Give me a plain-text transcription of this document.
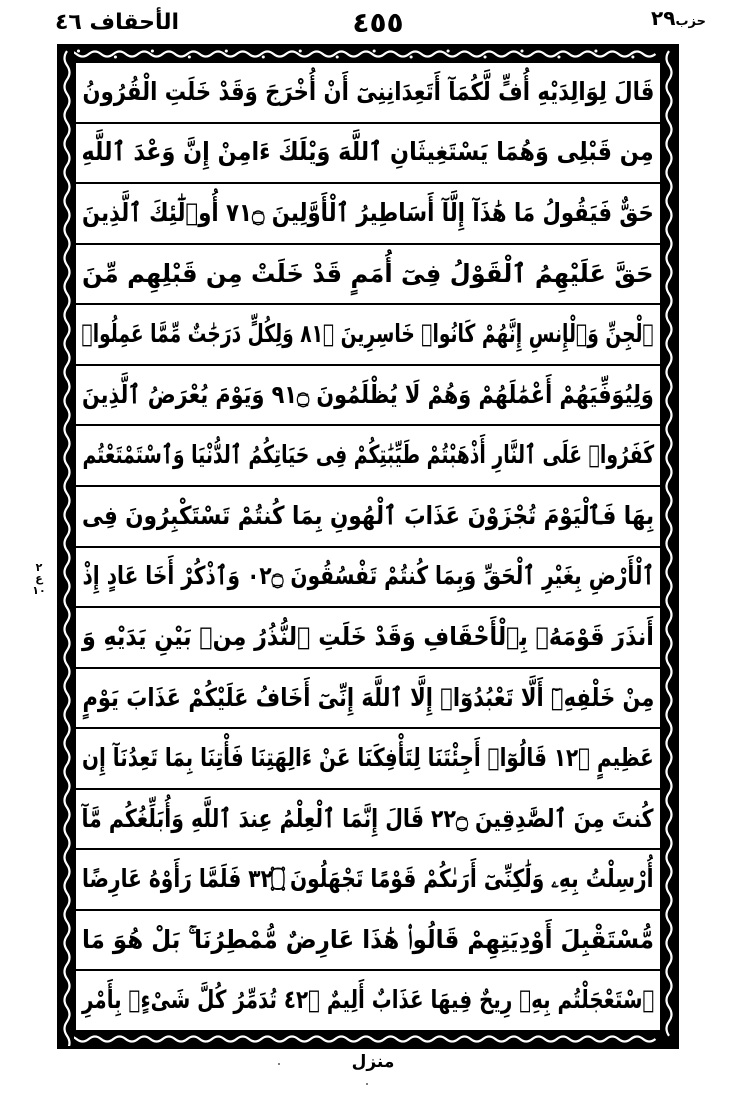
الأحقاف ٤٦	٤٥٥	حزب٢٩
قَالَ لِوَالِدَيْهِ أُفٍّ لَّكُمَآ أَتَعِدَانِنِىٓ أَنْ أُخْرَجَ وَقَدْ خَلَتِ الْقُرُونُ
مِن قَبْلِى وَهُمَا يَسْتَغِيثَانِ ٱللَّهَ وَيْلَكَ ءَامِنْ إِنَّ وَعْدَ ٱللَّهِ
حَقٌّ فَيَقُولُ مَا هَٰذَآ إِلَّآ أَسَاطِيرُ ٱلْأَوَّلِينَ ۝١٧ أُو۟لَٰٓئِكَ ٱلَّذِينَ
حَقَّ عَلَيْهِمُ ٱلْقَوْلُ فِىٓ أُمَمٍ قَدْ خَلَتْ مِن قَبْلِهِم مِّنَ
ٱلْجِنِّ وَٱلْإِنسِ إِنَّهُمْ كَانُوا۟ خَاسِرِينَ ۝١٨ وَلِكُلٍّ دَرَجَٰتٌ مِّمَّا عَمِلُوا۟
وَلِيُوَفِّيَهُمْ أَعْمَٰلَهُمْ وَهُمْ لَا يُظْلَمُونَ ۝١٩ وَيَوْمَ يُعْرَضُ ٱلَّذِينَ
كَفَرُوا۟ عَلَى ٱلنَّارِ أَذْهَبْتُمْ طَيِّبَٰتِكُمْ فِى حَيَاتِكُمُ ٱلدُّنْيَا وَٱسْتَمْتَعْتُم
بِهَا فَٱلْيَوْمَ تُجْزَوْنَ عَذَابَ ٱلْهُونِ بِمَا كُنتُمْ تَسْتَكْبِرُونَ فِى
ٱلْأَرْضِ بِغَيْرِ ٱلْحَقِّ وَبِمَا كُنتُمْ تَفْسُقُونَ ۝٢٠ وَٱذْكُرْ أَخَا عَادٍ إِذْ
أَنذَرَ قَوْمَهُۥ بِٱلْأَحْقَافِ وَقَدْ خَلَتِ ٱلنُّذُرُ مِنۢ بَيْنِ يَدَيْهِ وَ
مِنْ خَلْفِهِۦٓ أَلَّا تَعْبُدُوٓا۟ إِلَّا ٱللَّهَ إِنِّىٓ أَخَافُ عَلَيْكُمْ عَذَابَ يَوْمٍ
عَظِيمٍ ۝٢١ قَالُوٓا۟ أَجِئْتَنَا لِتَأْفِكَنَا عَنْ ءَالِهَتِنَا فَأْتِنَا بِمَا تَعِدُنَآ إِن
كُنتَ مِنَ ٱلصَّٰدِقِينَ ۝٢٢ قَالَ إِنَّمَا ٱلْعِلْمُ عِندَ ٱللَّهِ وَأُبَلِّغُكُم مَّآ
أُرْسِلْتُ بِهِۦ وَلَٰكِنِّىٓ أَرَىٰكُمْ قَوْمًا تَجْهَلُونَ ۝٢٣ فَلَمَّا رَأَوْهُ عَارِضًا
مُّسْتَقْبِلَ أَوْدِيَتِهِمْ قَالُوا۟ هَٰذَا عَارِضٌ مُّمْطِرُنَا ۚ بَلْ هُوَ مَا
ٱسْتَعْجَلْتُم بِهِۦ رِيحٌ فِيهَا عَذَابٌ أَلِيمٌ ۝٢٤ تُدَمِّرُ كُلَّ شَىْءٍۭ بِأَمْرِ
٢
ع
١٠
منزل
